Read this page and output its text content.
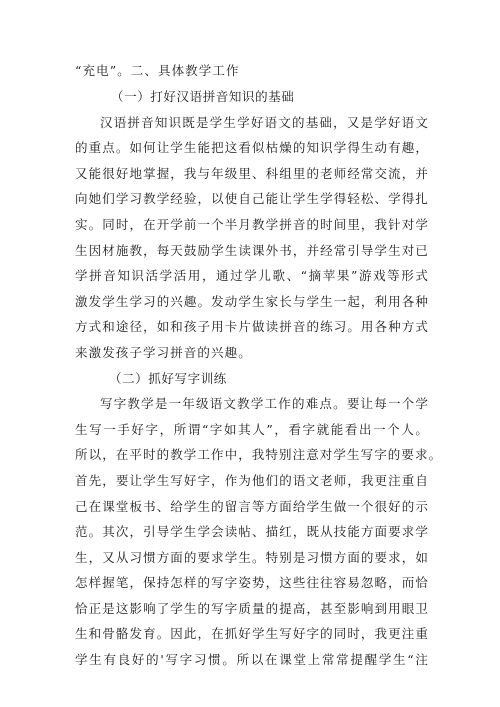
“充电”。二、具体教学工作
（一）打好汉语拼音知识的基础
汉语拼音知识既是学生学好语文的基础，又是学好语文
的重点。如何让学生能把这看似枯燥的知识学得生动有趣，
又能很好地掌握，我与年级里、科组里的老师经常交流，并
向她们学习教学经验，以使自己能让学生学得轻松、学得扎
实。同时，在开学前一个半月教学拼音的时间里，我针对学
生因材施教，每天鼓励学生读课外书，并经常引导学生对已
学拼音知识活学活用，通过学儿歌、“摘苹果”游戏等形式
激发学生学习的兴趣。发动学生家长与学生一起，利用各种
方式和途径，如和孩子用卡片做读拼音的练习。用各种方式
来激发孩子学习拼音的兴趣。
（二）抓好写字训练
写字教学是一年级语文教学工作的难点。要让每一个学
生写一手好字，所谓“字如其人”，看字就能看出一个人。
所以，在平时的教学工作中，我特别注意对学生写字的要求。
首先，要让学生写好字，作为他们的语文老师，我更注重自
己在课堂板书、给学生的留言等方面给学生做一个很好的示
范。其次，引导学生学会读帖、描红，既从技能方面要求学
生，又从习惯方面的要求学生。特别是习惯方面的要求，如
怎样握笔，保持怎样的写字姿势，这些往往容易忽略，而恰
恰正是这影响了学生的写字质量的提高，甚至影响到用眼卫
生和骨骼发育。因此，在抓好学生写好字的同时，我更注重
学生有良好的'写字习惯。所以在课堂上常常提醒学生“注
